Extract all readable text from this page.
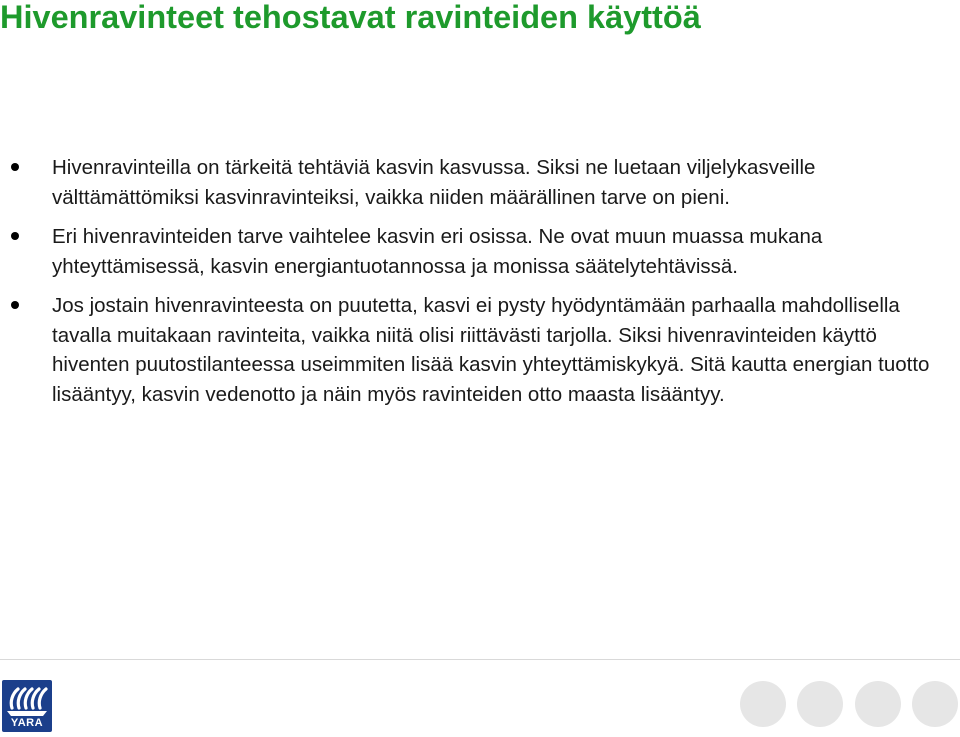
Hivenravinteet tehostavat ravinteiden käyttöä
Hivenravinteilla on tärkeitä tehtäviä kasvin kasvussa. Siksi ne luetaan viljelykasveille välttämättömiksi kasvinravinteiksi, vaikka niiden määrällinen tarve on pieni.
Eri hivenravinteiden tarve vaihtelee kasvin eri osissa. Ne ovat muun muassa mukana yhteyttämisessä, kasvin energiantuotannossa ja monissa säätelytehtävissä.
Jos jostain hivenravinteesta on puutetta, kasvi ei pysty hyödyntämään parhaalla mahdollisella tavalla muitakaan ravinteita, vaikka niitä olisi riittävästi tarjolla. Siksi hivenravinteiden käyttö hiventen puutostilanteessa useimmiten lisää kasvin yhteyttämiskykyä. Sitä kautta energian tuotto lisääntyy, kasvin vedenotto ja näin myös ravinteiden otto maasta lisääntyy.
YARA
